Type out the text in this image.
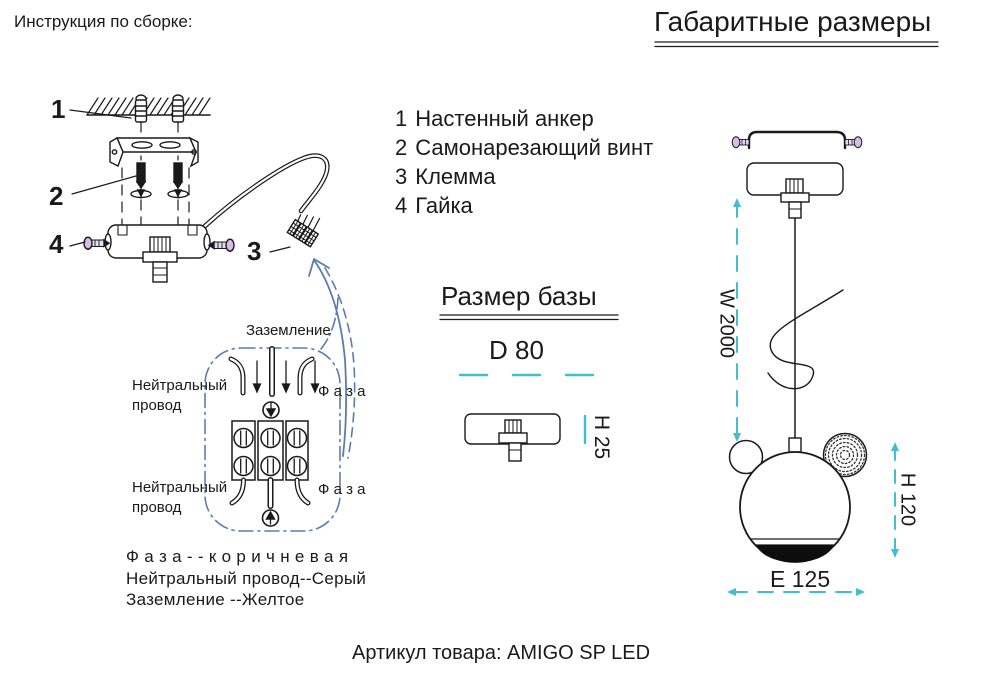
Инструкция по сборке:	Габаритные размеры
1 Настенный анкер
2 Самонарезающий винт
3 Клемма
4 Гайка
1
2
4	3
Заземление
Нейтральный
провод
Нейтральный
провод
Ф а з а
Ф а з а
Ф а з а - - к о р и ч н е в а я
Нейтральный провод--Серый
Заземление --Желтое
Размер базы
D 80
H 25
W 2000
H 120
E 125
Артикул товара: AMIGO SP LED
